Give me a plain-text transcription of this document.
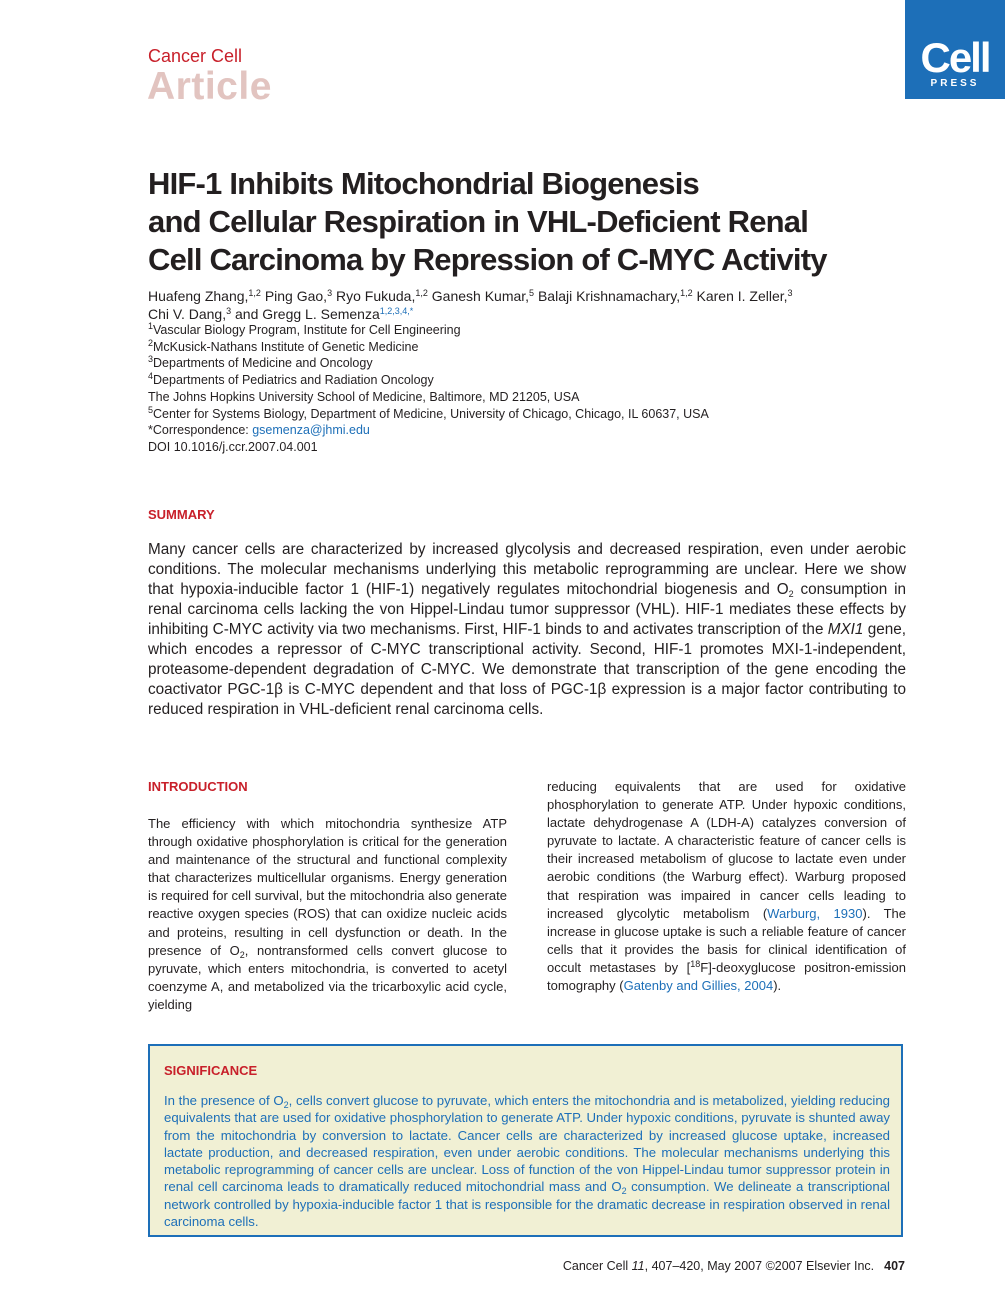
Cancer Cell
Article
Cell
PRESS
HIF-1 Inhibits Mitochondrial Biogenesis
and Cellular Respiration in VHL-Deficient Renal
Cell Carcinoma by Repression of C-MYC Activity
Huafeng Zhang,$^{1,2}$ Ping Gao,$^3$ Ryo Fukuda,$^{1,2}$ Ganesh Kumar,$^5$ Balaji Krishnamachary,$^{1,2}$ Karen I. Zeller,$^3$
Chi V. Dang,$^3$ and Gregg L. Semenza$^{1,2,3,4,*}$
$^1$Vascular Biology Program, Institute for Cell Engineering
$^2$McKusick-Nathans Institute of Genetic Medicine
$^3$Departments of Medicine and Oncology
$^4$Departments of Pediatrics and Radiation Oncology
The Johns Hopkins University School of Medicine, Baltimore, MD 21205, USA
$^5$Center for Systems Biology, Department of Medicine, University of Chicago, Chicago, IL 60637, USA
*Correspondence: gsemenza@jhmi.edu
DOI 10.1016/j.ccr.2007.04.001
SUMMARY
Many cancer cells are characterized by increased glycolysis and decreased respiration, even under aerobic conditions. The molecular mechanisms underlying this metabolic reprogramming are unclear. Here we show that hypoxia-inducible factor 1 (HIF-1) negatively regulates mitochondrial biogenesis and $O_2$ consumption in renal carcinoma cells lacking the von Hippel-Lindau tumor suppressor (VHL). HIF-1 mediates these effects by inhibiting C-MYC activity via two mechanisms. First, HIF-1 binds to and activates transcription of the MXI1 gene, which encodes a repressor of C-MYC transcriptional activity. Second, HIF-1 promotes MXI-1-independent, proteasome-dependent degradation of C-MYC. We demonstrate that transcription of the gene encoding the coactivator PGC-1β is C-MYC dependent and that loss of PGC-1β expression is a major factor contributing to reduced respiration in VHL-deficient renal carcinoma cells.
INTRODUCTION
The efficiency with which mitochondria synthesize ATP through oxidative phosphorylation is critical for the generation and maintenance of the structural and functional complexity that characterizes multicellular organisms. Energy generation is required for cell survival, but the mitochondria also generate reactive oxygen species (ROS) that can oxidize nucleic acids and proteins, resulting in cell dysfunction or death. In the presence of $O_2$, nontransformed cells convert glucose to pyruvate, which enters mitochondria, is converted to acetyl coenzyme A, and metabolized via the tricarboxylic acid cycle, yielding
reducing equivalents that are used for oxidative phosphorylation to generate ATP. Under hypoxic conditions, lactate dehydrogenase A (LDH-A) catalyzes conversion of pyruvate to lactate. A characteristic feature of cancer cells is their increased metabolism of glucose to lactate even under aerobic conditions (the Warburg effect). Warburg proposed that respiration was impaired in cancer cells leading to increased glycolytic metabolism (Warburg, 1930). The increase in glucose uptake is such a reliable feature of cancer cells that it provides the basis for clinical identification of occult metastases by [$^{18}$F]-deoxyglucose positron-emission tomography (Gatenby and Gillies, 2004).
SIGNIFICANCE
In the presence of $O_2$, cells convert glucose to pyruvate, which enters the mitochondria and is metabolized, yielding reducing equivalents that are used for oxidative phosphorylation to generate ATP. Under hypoxic conditions, pyruvate is shunted away from the mitochondria by conversion to lactate. Cancer cells are characterized by increased glucose uptake, increased lactate production, and decreased respiration, even under aerobic conditions. The molecular mechanisms underlying this metabolic reprogramming of cancer cells are unclear. Loss of function of the von Hippel-Lindau tumor suppressor protein in renal cell carcinoma leads to dramatically reduced mitochondrial mass and $O_2$ consumption. We delineate a transcriptional network controlled by hypoxia-inducible factor 1 that is responsible for the dramatic decrease in respiration observed in renal carcinoma cells.
Cancer Cell 11, 407–420, May 2007 ©2007 Elsevier Inc. 407
